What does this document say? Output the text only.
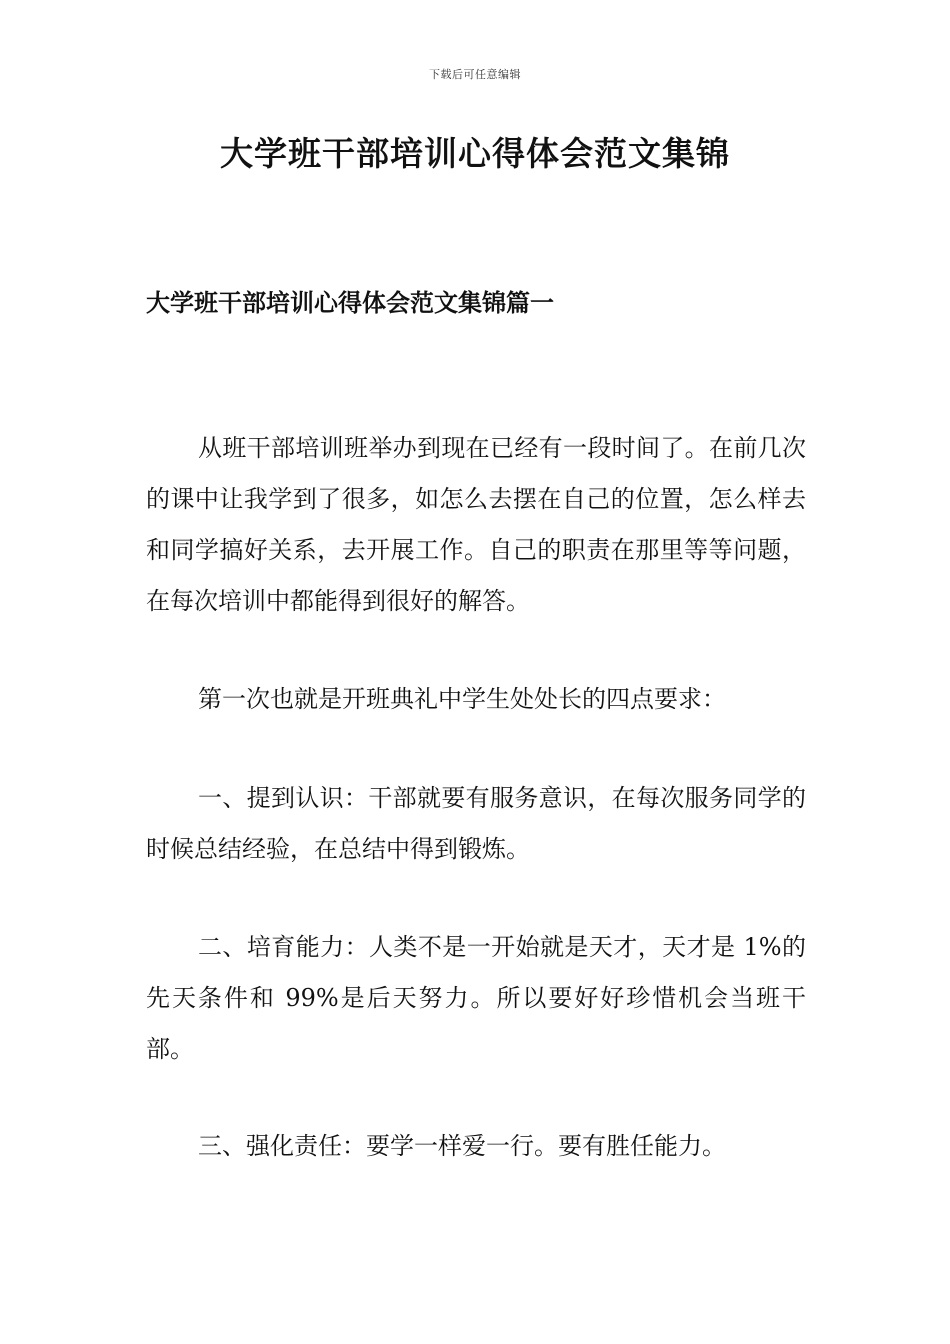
下载后可任意编辑
大学班干部培训心得体会范文集锦
大学班干部培训心得体会范文集锦篇一

从班干部培训班举办到现在已经有一段时间了。在前几次的课中让我学到了很多，如怎么去摆在自己的位置，怎么样去和同学搞好关系，去开展工作。自己的职责在那里等等问题，在每次培训中都能得到很好的解答。

第一次也就是开班典礼中学生处处长的四点要求：

一、提到认识：干部就要有服务意识，在每次服务同学的时候总结经验，在总结中得到锻炼。

二、培育能力：人类不是一开始就是天才，天才是 1%的先天条件和 99%是后天努力。所以要好好珍惜机会当班干部。

三、强化责任：要学一样爱一行。要有胜任能力。
